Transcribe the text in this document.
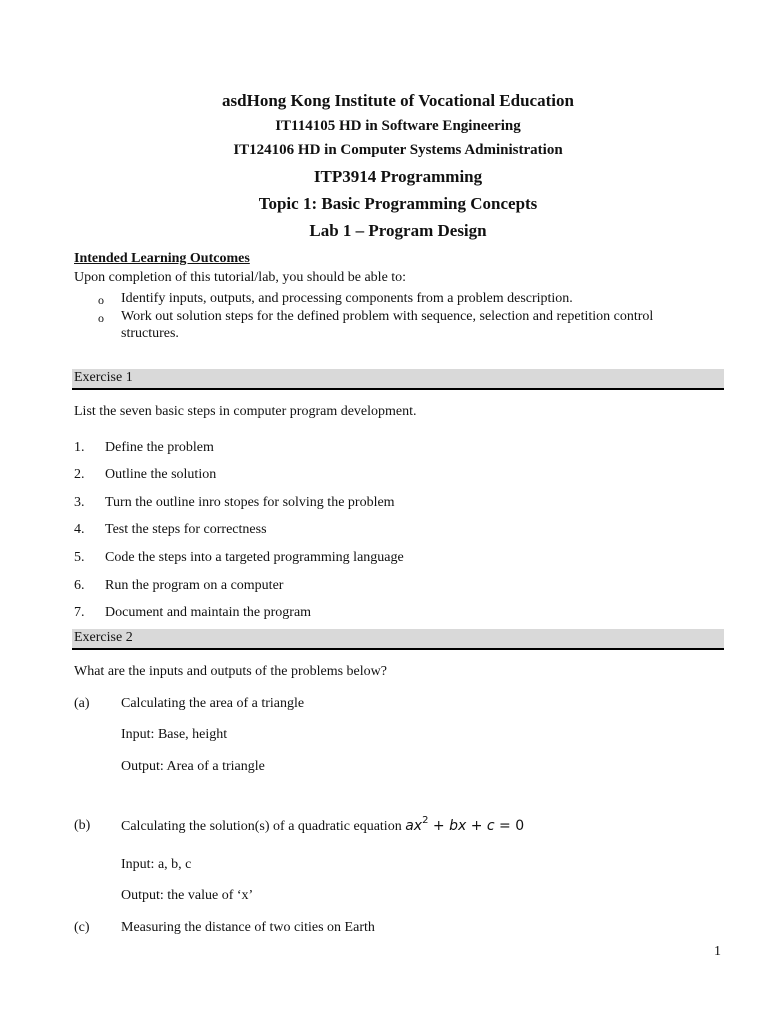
asdHong Kong Institute of Vocational Education
IT114105 HD in Software Engineering
IT124106 HD in Computer Systems Administration
ITP3914 Programming
Topic 1: Basic Programming Concepts
Lab 1 – Program Design
Intended Learning Outcomes
Upon completion of this tutorial/lab, you should be able to:
o Identify inputs, outputs, and processing components from a problem description.
o Work out solution steps for the defined problem with sequence, selection and repetition control
structures.
Exercise 1
List the seven basic steps in computer program development.
1. Define the problem
2. Outline the solution
3. Turn the outline inro stopes for solving the problem
4. Test the steps for correctness
5. Code the steps into a targeted programming language
6. Run the program on a computer
7. Document and maintain the program
Exercise 2
What are the inputs and outputs of the problems below?
(a) Calculating the area of a triangle
Input: Base, height
Output: Area of a triangle
(b) Calculating the solution(s) of a quadratic equation $ax^2$ + bx + c = 0
Input: a, b, c
Output: the value of ‘x’
(c) Measuring the distance of two cities on Earth
1
